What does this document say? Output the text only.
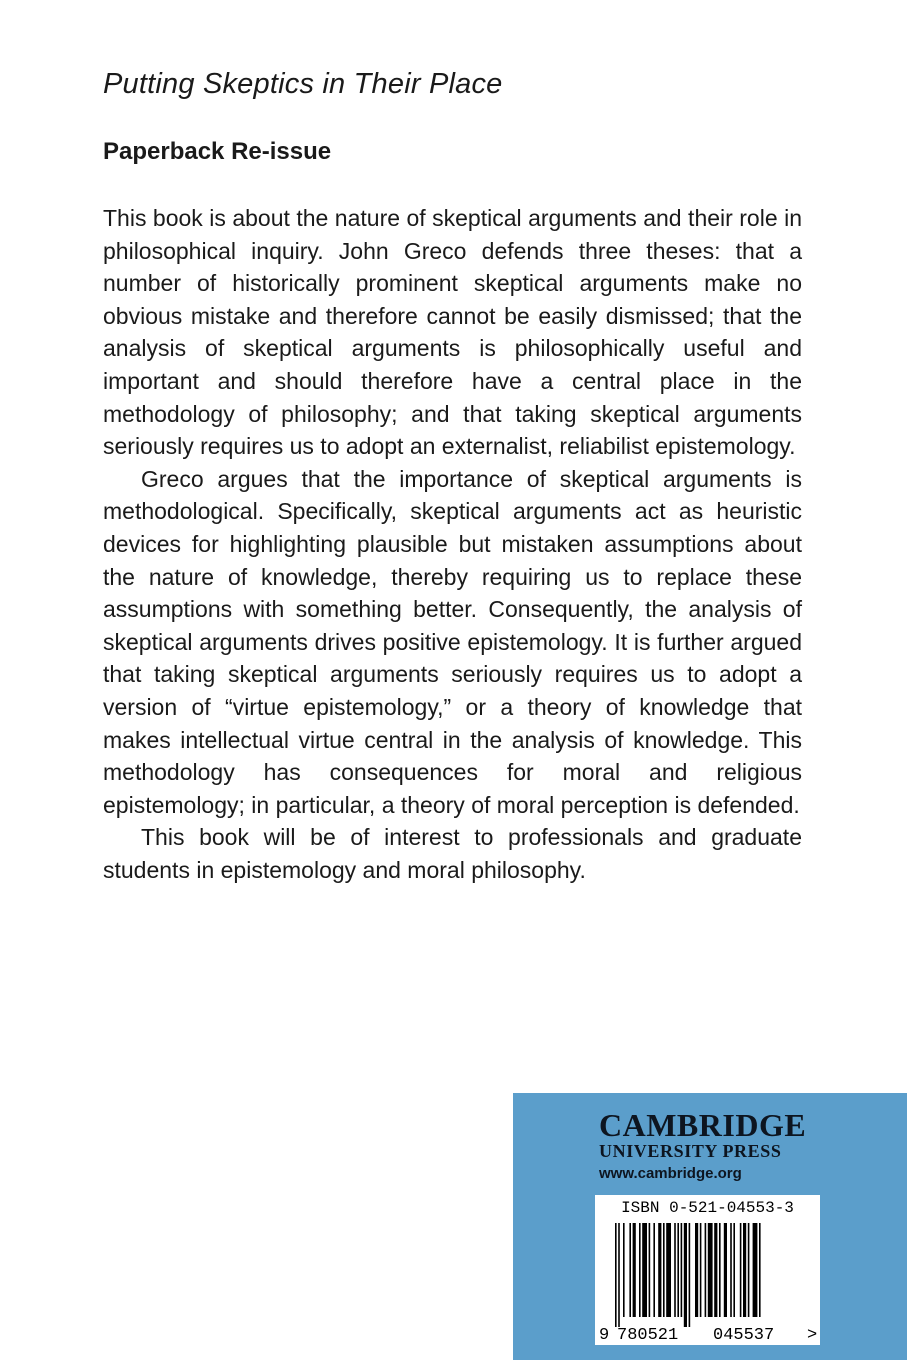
Putting Skeptics in Their Place
Paperback Re-issue

This book is about the nature of skeptical arguments and their role in philosophical inquiry. John Greco defends three theses: that a number of historically prominent skeptical arguments make no obvious mistake and therefore cannot be easily dismissed; that the analysis of skeptical arguments is philosophically useful and important and should therefore have a central place in the methodology of philosophy; and that taking skeptical arguments seriously requires us to adopt an externalist, reliabilist epistemology.

Greco argues that the importance of skeptical arguments is methodological. Specifically, skeptical arguments act as heuristic devices for highlighting plausible but mistaken assumptions about the nature of knowledge, thereby requiring us to replace these assumptions with something better. Consequently, the analysis of skeptical arguments drives positive epistemology. It is further argued that taking skeptical arguments seriously requires us to adopt a version of “virtue epistemology,” or a theory of knowledge that makes intellectual virtue central in the analysis of knowledge. This methodology has consequences for moral and religious epistemology; in particular, a theory of moral perception is defended.

This book will be of interest to professionals and graduate students in epistemology and moral philosophy.

CAMBRIDGE
UNIVERSITY PRESS
www.cambridge.org
ISBN 0-521-04553-3
9 780521 045537 >
